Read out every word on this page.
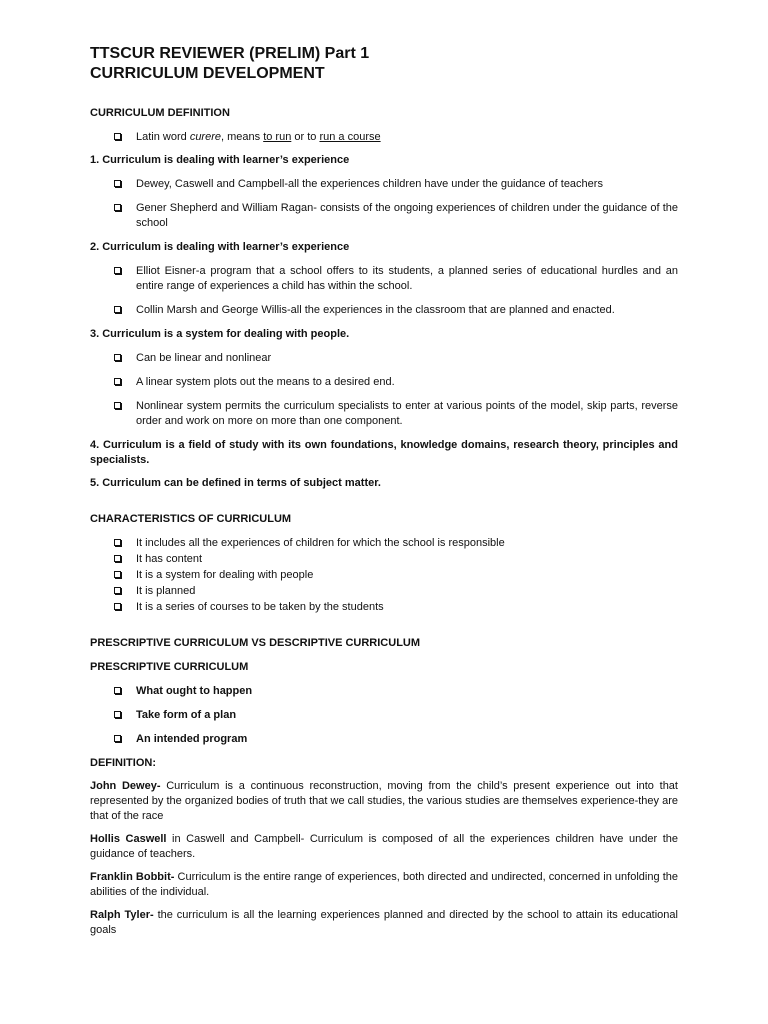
TTSCUR REVIEWER (PRELIM) Part 1

CURRICULUM DEVELOPMENT

CURRICULUM DEFINITION

Latin word curere, means to run or to run a course

1. Curriculum is dealing with learner’s experience

Dewey, Caswell and Campbell-all the experiences children have under the guidance of teachers
Gener Shepherd and William Ragan- consists of the ongoing experiences of children under the guidance of the school

2. Curriculum is dealing with learner’s experience

Elliot Eisner-a program that a school offers to its students, a planned series of educational hurdles and an entire range of experiences a child has within the school.
Collin Marsh and George Willis-all the experiences in the classroom that are planned and enacted.

3. Curriculum is a system for dealing with people.

Can be linear and nonlinear
A linear system plots out the means to a desired end.
Nonlinear system permits the curriculum specialists to enter at various points of the model, skip parts, reverse order and work on more on more than one component.

4. Curriculum is a field of study with its own foundations, knowledge domains, research theory, principles and specialists.

5. Curriculum can be defined in terms of subject matter.

CHARACTERISTICS OF CURRICULUM

It includes all the experiences of children for which the school is responsible
It has content
It is a system for dealing with people
It is planned
It is a series of courses to be taken by the students

PRESCRIPTIVE CURRICULUM VS DESCRIPTIVE CURRICULUM

PRESCRIPTIVE CURRICULUM

What ought to happen
Take form of a plan
An intended program

DEFINITION:

John Dewey- Curriculum is a continuous reconstruction, moving from the child’s present experience out into that represented by the organized bodies of truth that we call studies, the various studies are themselves experience-they are that of the race

Hollis Caswell in Caswell and Campbell- Curriculum is composed of all the experiences children have under the guidance of teachers.

Franklin Bobbit- Curriculum is the entire range of experiences, both directed and undirected, concerned in unfolding the abilities of the individual.

Ralph Tyler- the curriculum is all the learning experiences planned and directed by the school to attain its educational goals
